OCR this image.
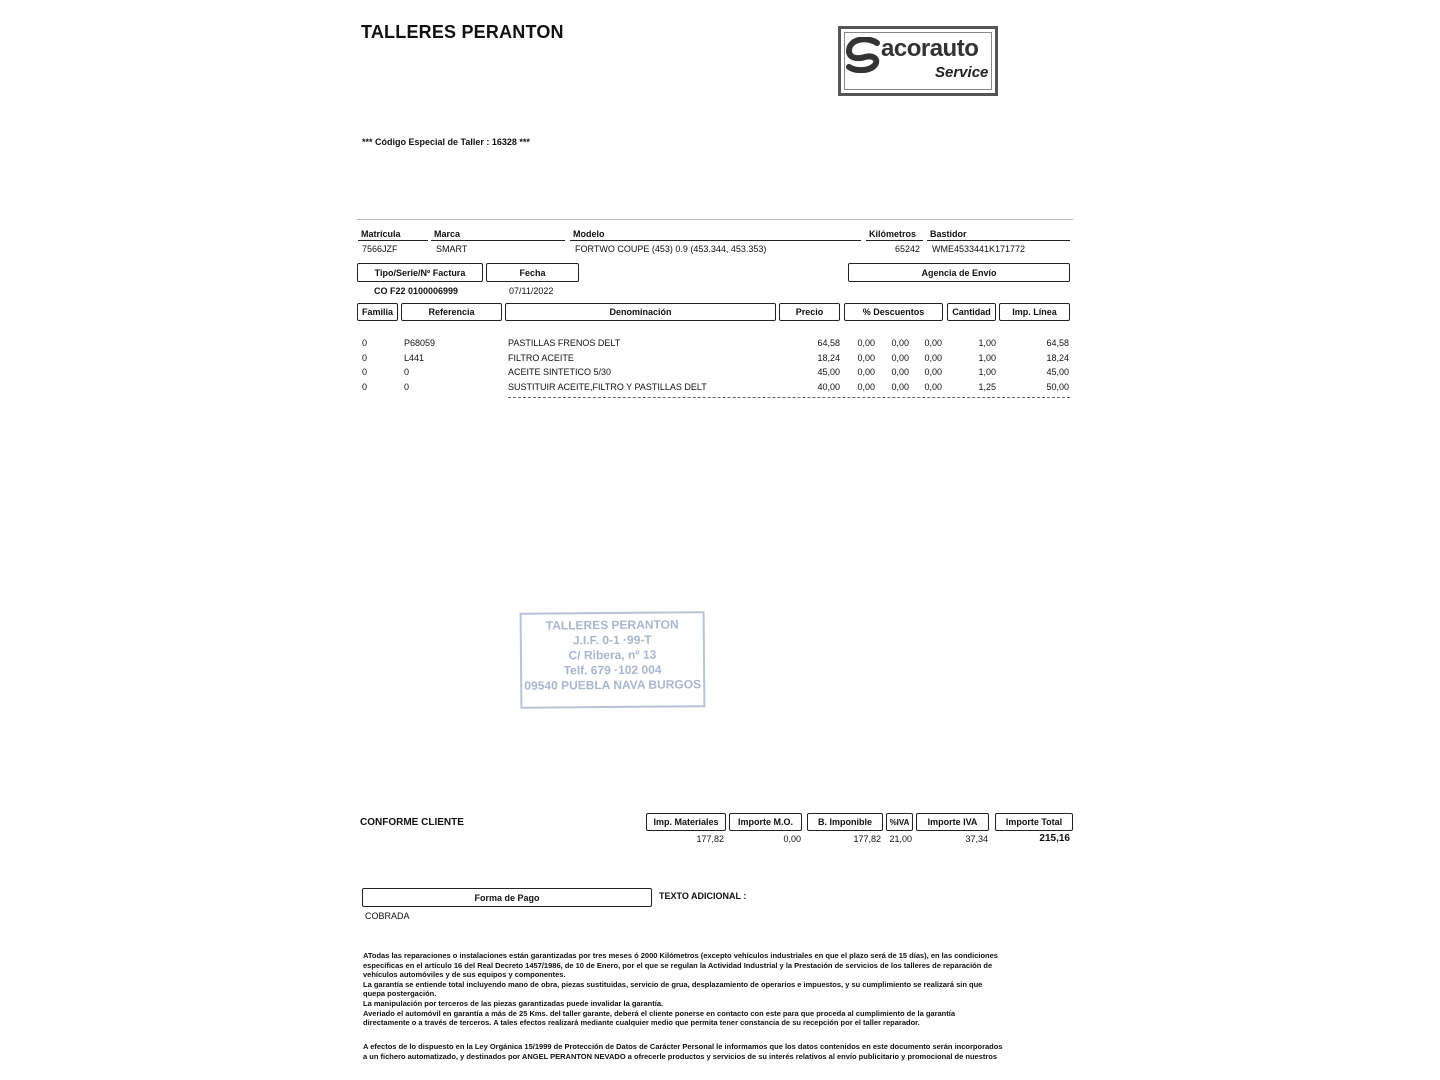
TALLERES PERANTON
acorauto
Service
*** Código Especial de Taller : 16328 ***
Matrícula	Marca	Modelo	Kilómetros Bastidor
7566JZF	SMART	FORTWO COUPE (453) 0.9 (453.344, 453.353)	65242 WME4533441K171772
Tipo/Serie/Nº Factura	Fecha	Agencia de Envío
CO F22 0100006999	07/11/2022
Familia	Referencia	Denominación	Precio	% Descuentos	Cantidad	Imp. Línea
0	P68059	PASTILLAS FRENOS DELT	64,58	0,00	0,00	0,00	1,00	64,58
0	L441	FILTRO ACEITE	18,24	0,00	0,00	0,00	1,00	18,24
0	0	ACEITE SINTETICO 5/30	45,00	0,00	0,00	0,00	1,00	45,00
0	0	SUSTITUIR ACEITE,FILTRO Y PASTILLAS DELT	40,00	0,00	0,00	0,00	1,25	50,00
TALLERES PERANTON
J.I.F. 0-1 ·99-T
C/ Ribera, nº 13
Telf. 679 ·102 004
09540 PUEBLA NAVA BURGOS
CONFORME CLIENTE	Imp. Materiales	Importe M.O.	B. Imponible	%IVA	Importe IVA	Importe Total
177,82	0,00	177,82 21,00	37,34	215,16
Forma de Pago
COBRADA
TEXTO ADICIONAL :
ATodas las reparaciones o instalaciones están garantizadas por tres meses ó 2000 Kilómetros (excepto vehículos industriales en que el plazo será de 15 días), en las condiciones
específicas en el artículo 16 del Real Decreto 1457/1986, de 10 de Enero, por el que se regulan la Actividad Industrial y la Prestación de servicios de los talleres de reparación de
vehículos automóviles y de sus equipos y componentes.
La garantía se entiende total incluyendo mano de obra, piezas sustituidas, servicio de grua, desplazamiento de operarios e impuestos, y su cumplimiento se realizará sin que
quepa postergación.
La manipulación por terceros de las piezas garantizadas puede invalidar la garantía.
Averiado el automóvil en garantía a más de 25 Kms. del taller garante, deberá el cliente ponerse en contacto con este para que proceda al cumplimiento de la garantía
directamente o a través de terceros. A tales efectos realizará mediante cualquier medio que permita tener constancia de su recepción por el taller reparador.
A efectos de lo dispuesto en la Ley Orgánica 15/1999 de Protección de Datos de Carácter Personal le informamos que los datos contenidos en este documento serán incorporados
a un fichero automatizado, y destinados por ANGEL PERANTON NEVADO a ofrecerle productos y servicios de su interés relativos al envío publicitario y promocional de nuestros
